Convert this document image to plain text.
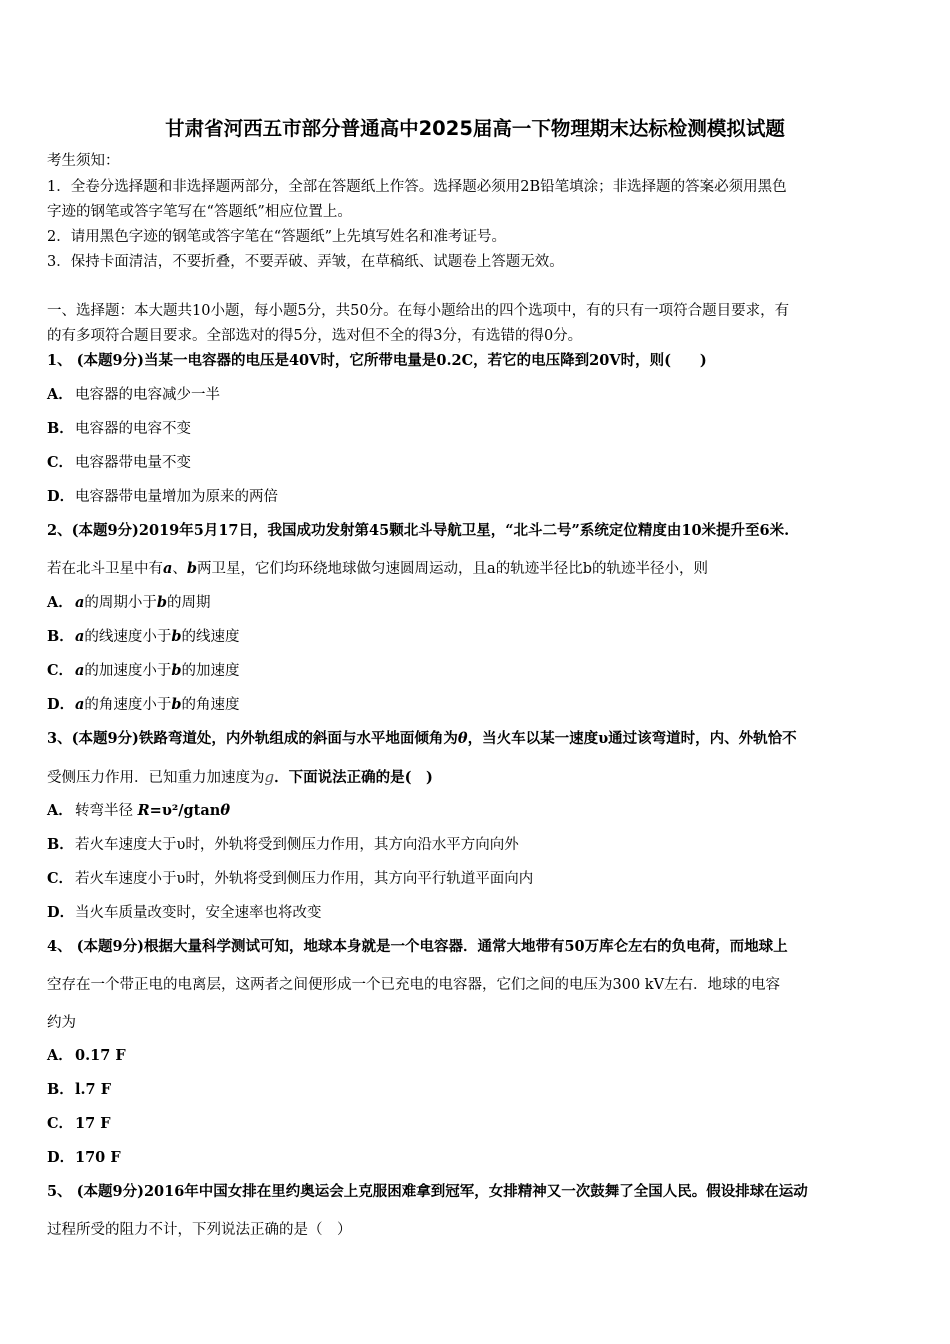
甘肃省河西五市部分普通高中2025届高一下物理期末达标检测模拟试题
考生须知：
1．全卷分选择题和非选择题两部分，全部在答题纸上作答。选择题必须用2B铅笔填涂；非选择题的答案必须用黑色
字迹的钢笔或答字笔写在“答题纸”相应位置上。
2．请用黑色字迹的钢笔或答字笔在“答题纸”上先填写姓名和准考证号。
3．保持卡面清洁，不要折叠，不要弄破、弄皱，在草稿纸、试题卷上答题无效。
一、选择题：本大题共10小题，每小题5分，共50分。在每小题给出的四个选项中，有的只有一项符合题目要求，有
的有多项符合题目要求。全部选对的得5分，选对但不全的得3分，有选错的得0分。
1、 (本题9分)当某一电容器的电压是40V时，它所带电量是0.2C，若它的电压降到20V时，则(　　)
A． 电容器的电容减少一半
B．电容器的电容不变
C． 电容器带电量不变
D．电容器带电量增加为原来的两倍
2、(本题9分)2019年5月17日，我国成功发射第45颗北斗导航卫星，“北斗二号”系统定位精度由10米提升至6米.
若在北斗卫星中有a、b两卫星，它们均环绕地球做匀速圆周运动，且a的轨迹半径比b的轨迹半径小，则
A． a的周期小于b的周期
B．a的线速度小于b的线速度
C． a的加速度小于b的加速度
D．a的角速度小于b的角速度
3、(本题9分)铁路弯道处，内外轨组成的斜面与水平地面倾角为θ，当火车以某一速度υ通过该弯道时，内、外轨恰不
受侧压力作用．已知重力加速度为g．下面说法正确的是(　)
A． 转弯半径 R=υ²/gtanθ
B．若火车速度大于υ时，外轨将受到侧压力作用，其方向沿水平方向向外
C． 若火车速度小于υ时，外轨将受到侧压力作用，其方向平行轨道平面向内
D．当火车质量改变时，安全速率也将改变
4、 (本题9分)根据大量科学测试可知，地球本身就是一个电容器．通常大地带有50万库仑左右的负电荷，而地球上
空存在一个带正电的电离层，这两者之间便形成一个已充电的电容器，它们之间的电压为300 kV左右．地球的电容
约为
A． 0.17 F
B．l.7 F
C． 17 F
D．170 F
5、 (本题9分)2016年中国女排在里约奥运会上克服困难拿到冠军，女排精神又一次鼓舞了全国人民。假设排球在运动
过程所受的阻力不计，下列说法正确的是（　）
